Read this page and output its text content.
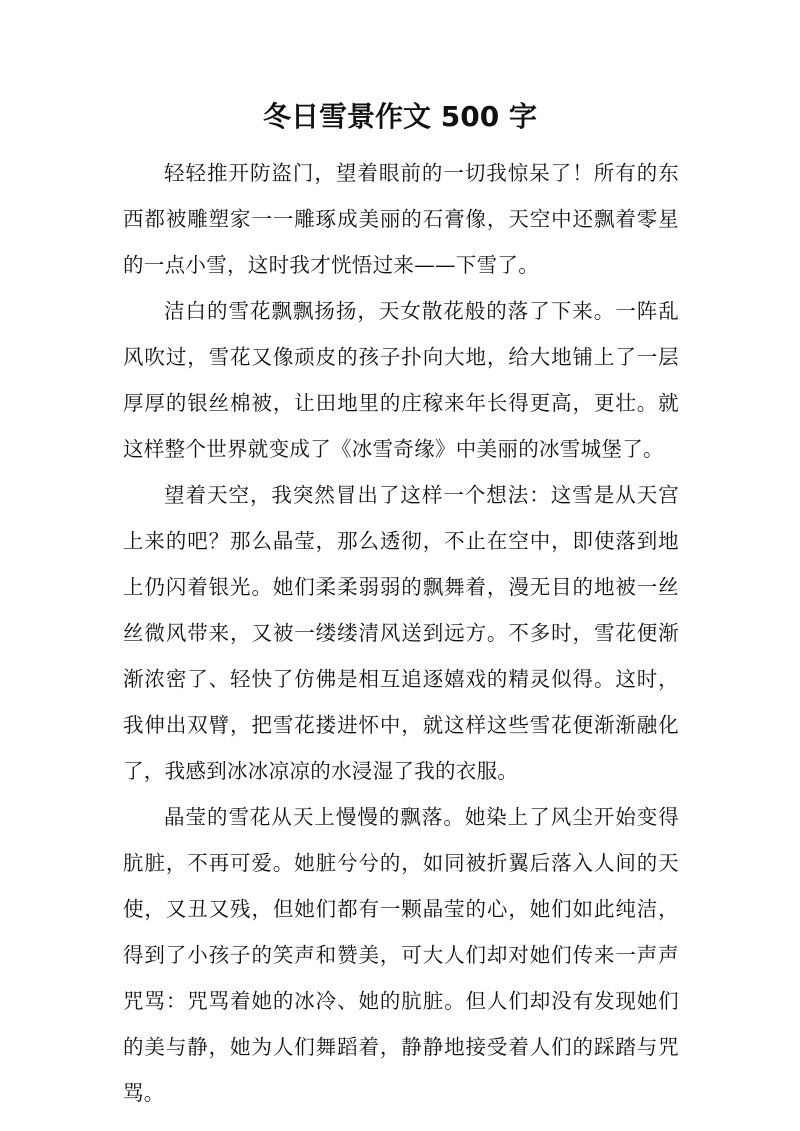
冬日雪景作文 500 字

轻轻推开防盗门，望着眼前的一切我惊呆了！所有的东西都被雕塑家一一雕琢成美丽的石膏像，天空中还飘着零星的一点小雪，这时我才恍悟过来——下雪了。

洁白的雪花飘飘扬扬，天女散花般的落了下来。一阵乱风吹过，雪花又像顽皮的孩子扑向大地，给大地铺上了一层厚厚的银丝棉被，让田地里的庄稼来年长得更高，更壮。就这样整个世界就变成了《冰雪奇缘》中美丽的冰雪城堡了。

望着天空，我突然冒出了这样一个想法：这雪是从天宫上来的吧？那么晶莹，那么透彻，不止在空中，即使落到地上仍闪着银光。她们柔柔弱弱的飘舞着，漫无目的地被一丝丝微风带来，又被一缕缕清风送到远方。不多时，雪花便渐渐浓密了、轻快了仿佛是相互追逐嬉戏的精灵似得。这时，我伸出双臂，把雪花搂进怀中，就这样这些雪花便渐渐融化了，我感到冰冰凉凉的水浸湿了我的衣服。

晶莹的雪花从天上慢慢的飘落。她染上了风尘开始变得肮脏，不再可爱。她脏兮兮的，如同被折翼后落入人间的天使，又丑又残，但她们都有一颗晶莹的心，她们如此纯洁，得到了小孩子的笑声和赞美，可大人们却对她们传来一声声咒骂：咒骂着她的冰冷、她的肮脏。但人们却没有发现她们的美与静，她为人们舞蹈着，静静地接受着人们的踩踏与咒骂。
